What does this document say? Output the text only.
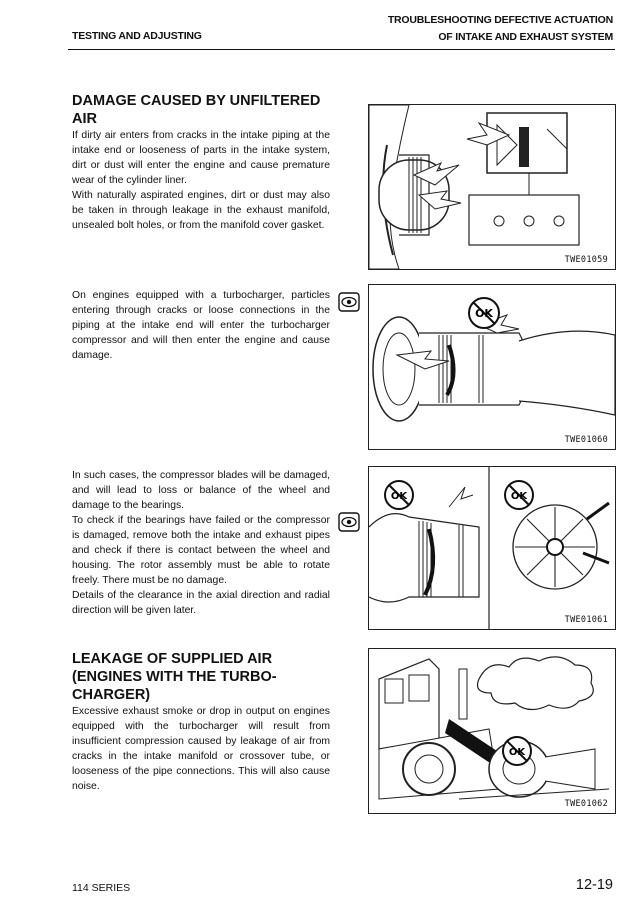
TESTING AND ADJUSTING
TROUBLESHOOTING DEFECTIVE ACTUATION
OF INTAKE AND EXHAUST SYSTEM
DAMAGE CAUSED BY UNFILTERED
AIR

If dirty air enters from cracks in the intake piping at the intake end or looseness of parts in the intake system, dirt or dust will enter the engine and cause premature wear of the cylinder liner.

With naturally aspirated engines, dirt or dust may also be taken in through leakage in the exhaust manifold, unsealed bolt holes, or from the manifold cover gasket.

TWE01059

On engines equipped with a turbocharger, particles entering through cracks or loose connections in the piping at the intake end will enter the turbocharger compressor and will then enter the engine and cause damage.

OK
TWE01060

In such cases, the compressor blades will be damaged, and will lead to loss or balance of the wheel and damage to the bearings.

To check if the bearings have failed or the compressor is damaged, remove both the intake and exhaust pipes and check if there is contact between the wheel and housing. The rotor assembly must be able to rotate freely. There must be no damage.

Details of the clearance in the axial direction and radial direction will be given later.

OK	OK
TWE01061
LEAKAGE OF SUPPLIED AIR
(ENGINES WITH THE TURBO-
CHARGER)

Excessive exhaust smoke or drop in output on engines equipped with the turbocharger will result from insufficient compression caused by leakage of air from cracks in the intake manifold or crossover tube, or looseness of the pipe connections. This will also cause noise.

OK
TWE01062
114 SERIES	12-19
